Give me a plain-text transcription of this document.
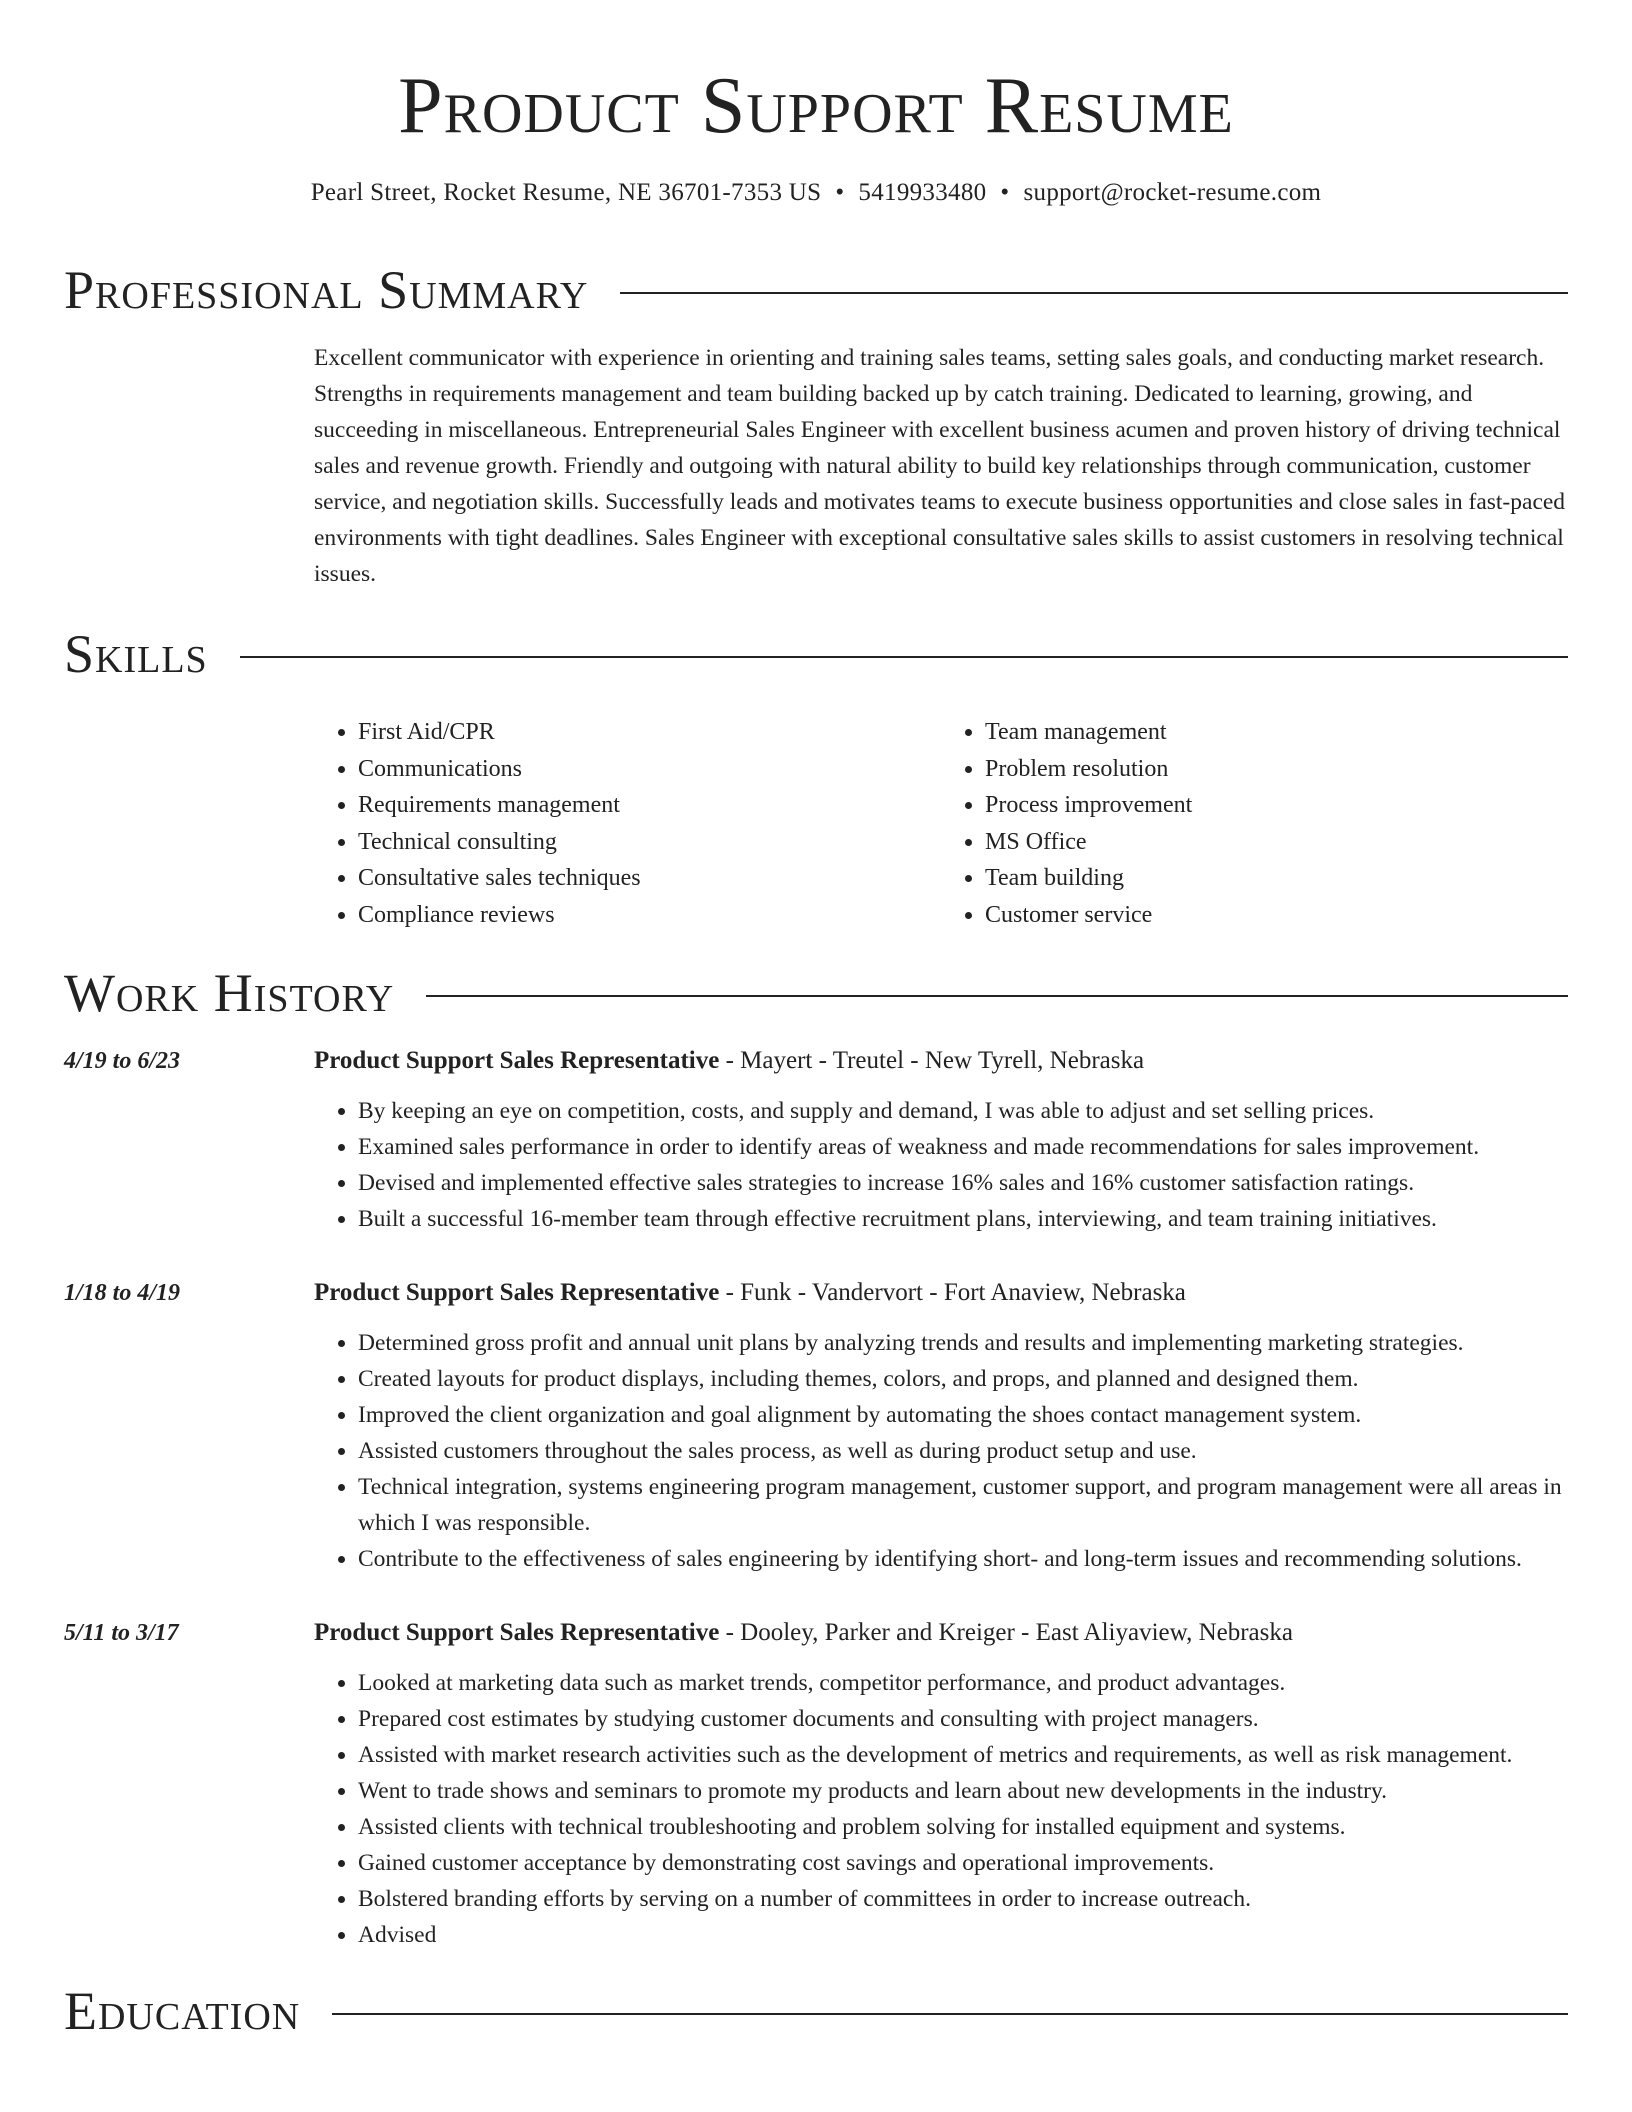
Product Support Resume
Pearl Street, Rocket Resume, NE 36701-7353 US • 5419933480 • support@rocket-resume.com
Professional Summary

Excellent communicator with experience in orienting and training sales teams, setting sales goals, and conducting market research. Strengths in requirements management and team building backed up by catch training. Dedicated to learning, growing, and succeeding in miscellaneous. Entrepreneurial Sales Engineer with excellent business acumen and proven history of driving technical sales and revenue growth. Friendly and outgoing with natural ability to build key relationships through communication, customer service, and negotiation skills. Successfully leads and motivates teams to execute business opportunities and close sales in fast-paced environments with tight deadlines. Sales Engineer with exceptional consultative sales skills to assist customers in resolving technical issues.

Skills
• First Aid/CPR
• Communications
• Requirements management
• Technical consulting
• Consultative sales techniques
• Compliance reviews
• Team management
• Problem resolution
• Process improvement
• MS Office
• Team building
• Customer service
Work History
4/19 to 6/23	Product Support Sales Representative - Mayert - Treutel - New Tyrell, Nebraska
• By keeping an eye on competition, costs, and supply and demand, I was able to adjust and set selling prices.
• Examined sales performance in order to identify areas of weakness and made recommendations for sales improvement.
• Devised and implemented effective sales strategies to increase 16% sales and 16% customer satisfaction ratings.
• Built a successful 16-member team through effective recruitment plans, interviewing, and team training initiatives.
1/18 to 4/19	Product Support Sales Representative - Funk - Vandervort - Fort Anaview, Nebraska
• Determined gross profit and annual unit plans by analyzing trends and results and implementing marketing strategies.
• Created layouts for product displays, including themes, colors, and props, and planned and designed them.
• Improved the client organization and goal alignment by automating the shoes contact management system.
• Assisted customers throughout the sales process, as well as during product setup and use.
• Technical integration, systems engineering program management, customer support, and program management were all areas in which I was responsible.
• Contribute to the effectiveness of sales engineering by identifying short- and long-term issues and recommending solutions.
5/11 to 3/17	Product Support Sales Representative - Dooley, Parker and Kreiger - East Aliyaview, Nebraska
• Looked at marketing data such as market trends, competitor performance, and product advantages.
• Prepared cost estimates by studying customer documents and consulting with project managers.
• Assisted with market research activities such as the development of metrics and requirements, as well as risk management.
• Went to trade shows and seminars to promote my products and learn about new developments in the industry.
• Assisted clients with technical troubleshooting and problem solving for installed equipment and systems.
• Gained customer acceptance by demonstrating cost savings and operational improvements.
• Bolstered branding efforts by serving on a number of committees in order to increase outreach.
• Advised
Education
